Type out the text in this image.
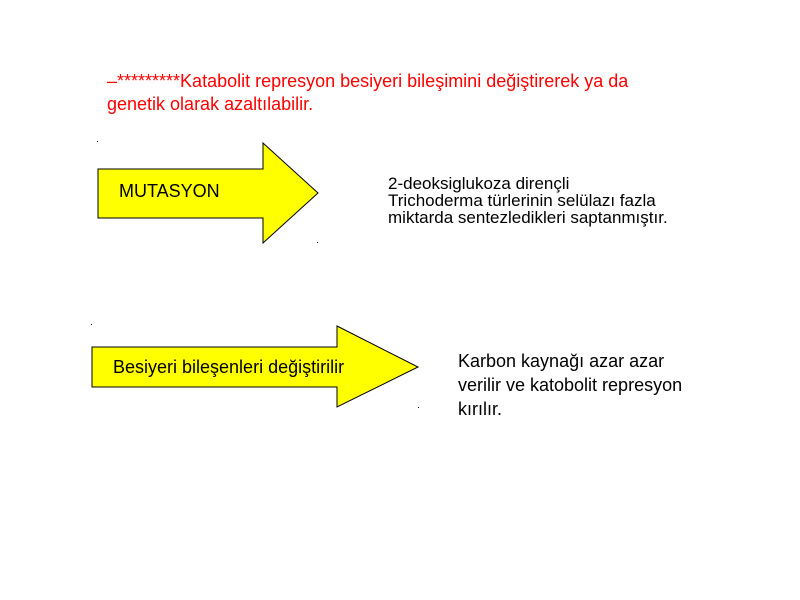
–*********Katabolit represyon besiyeri bileşimini değiştirerek ya da
genetik olarak azaltılabilir.
MUTASYON
Besiyeri bileşenleri değiştirilir
2-deoksiglukoza dirençli
Trichoderma türlerinin selülazı fazla
miktarda sentezledikleri saptanmıştır.
Karbon kaynağı azar azar
verilir ve katobolit represyon
kırılır.
